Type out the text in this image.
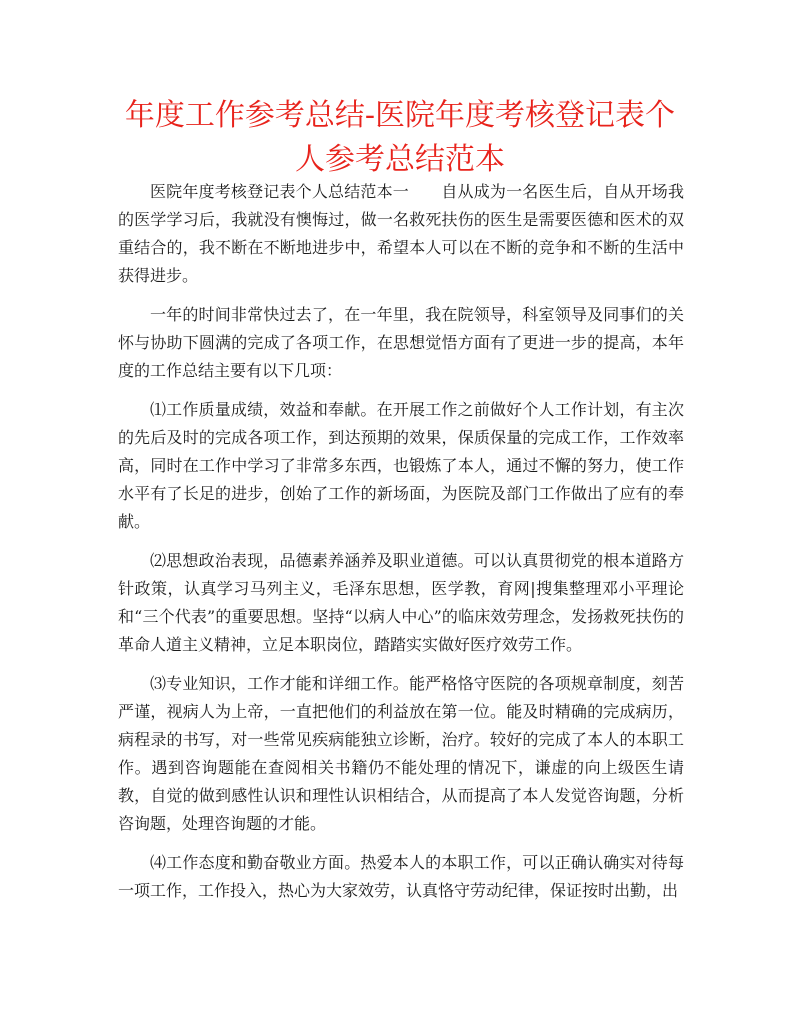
年度工作参考总结-医院年度考核登记表个人参考总结范本

医院年度考核登记表个人总结范本一　　自从成为一名医生后，自从开场我的医学学习后，我就没有懊悔过，做一名救死扶伤的医生是需要医德和医术的双重结合的，我不断在不断地进步中，希望本人可以在不断的竞争和不断的生活中获得进步。

一年的时间非常快过去了，在一年里，我在院领导，科室领导及同事们的关怀与协助下圆满的完成了各项工作，在思想觉悟方面有了更进一步的提高，本年度的工作总结主要有以下几项：

⑴工作质量成绩，效益和奉献。在开展工作之前做好个人工作计划，有主次的先后及时的完成各项工作，到达预期的效果，保质保量的完成工作，工作效率高，同时在工作中学习了非常多东西，也锻炼了本人，通过不懈的努力，使工作水平有了长足的进步，创始了工作的新场面，为医院及部门工作做出了应有的奉献。

⑵思想政治表现，品德素养涵养及职业道德。可以认真贯彻党的根本道路方针政策，认真学习马列主义，毛泽东思想，医学教，育网|搜集整理邓小平理论和“三个代表”的重要思想。坚持“以病人中心”的临床效劳理念，发扬救死扶伤的革命人道主义精神，立足本职岗位，踏踏实实做好医疗效劳工作。

⑶专业知识，工作才能和详细工作。能严格恪守医院的各项规章制度，刻苦严谨，视病人为上帝，一直把他们的利益放在第一位。能及时精确的完成病历，病程录的书写，对一些常见疾病能独立诊断，治疗。较好的完成了本人的本职工作。遇到咨询题能在查阅相关书籍仍不能处理的情况下，谦虚的向上级医生请教，自觉的做到感性认识和理性认识相结合，从而提高了本人发觉咨询题，分析咨询题，处理咨询题的才能。

⑷工作态度和勤奋敬业方面。热爱本人的本职工作，可以正确认确实对待每一项工作，工作投入，热心为大家效劳，认真恪守劳动纪律，保证按时出勤，出
